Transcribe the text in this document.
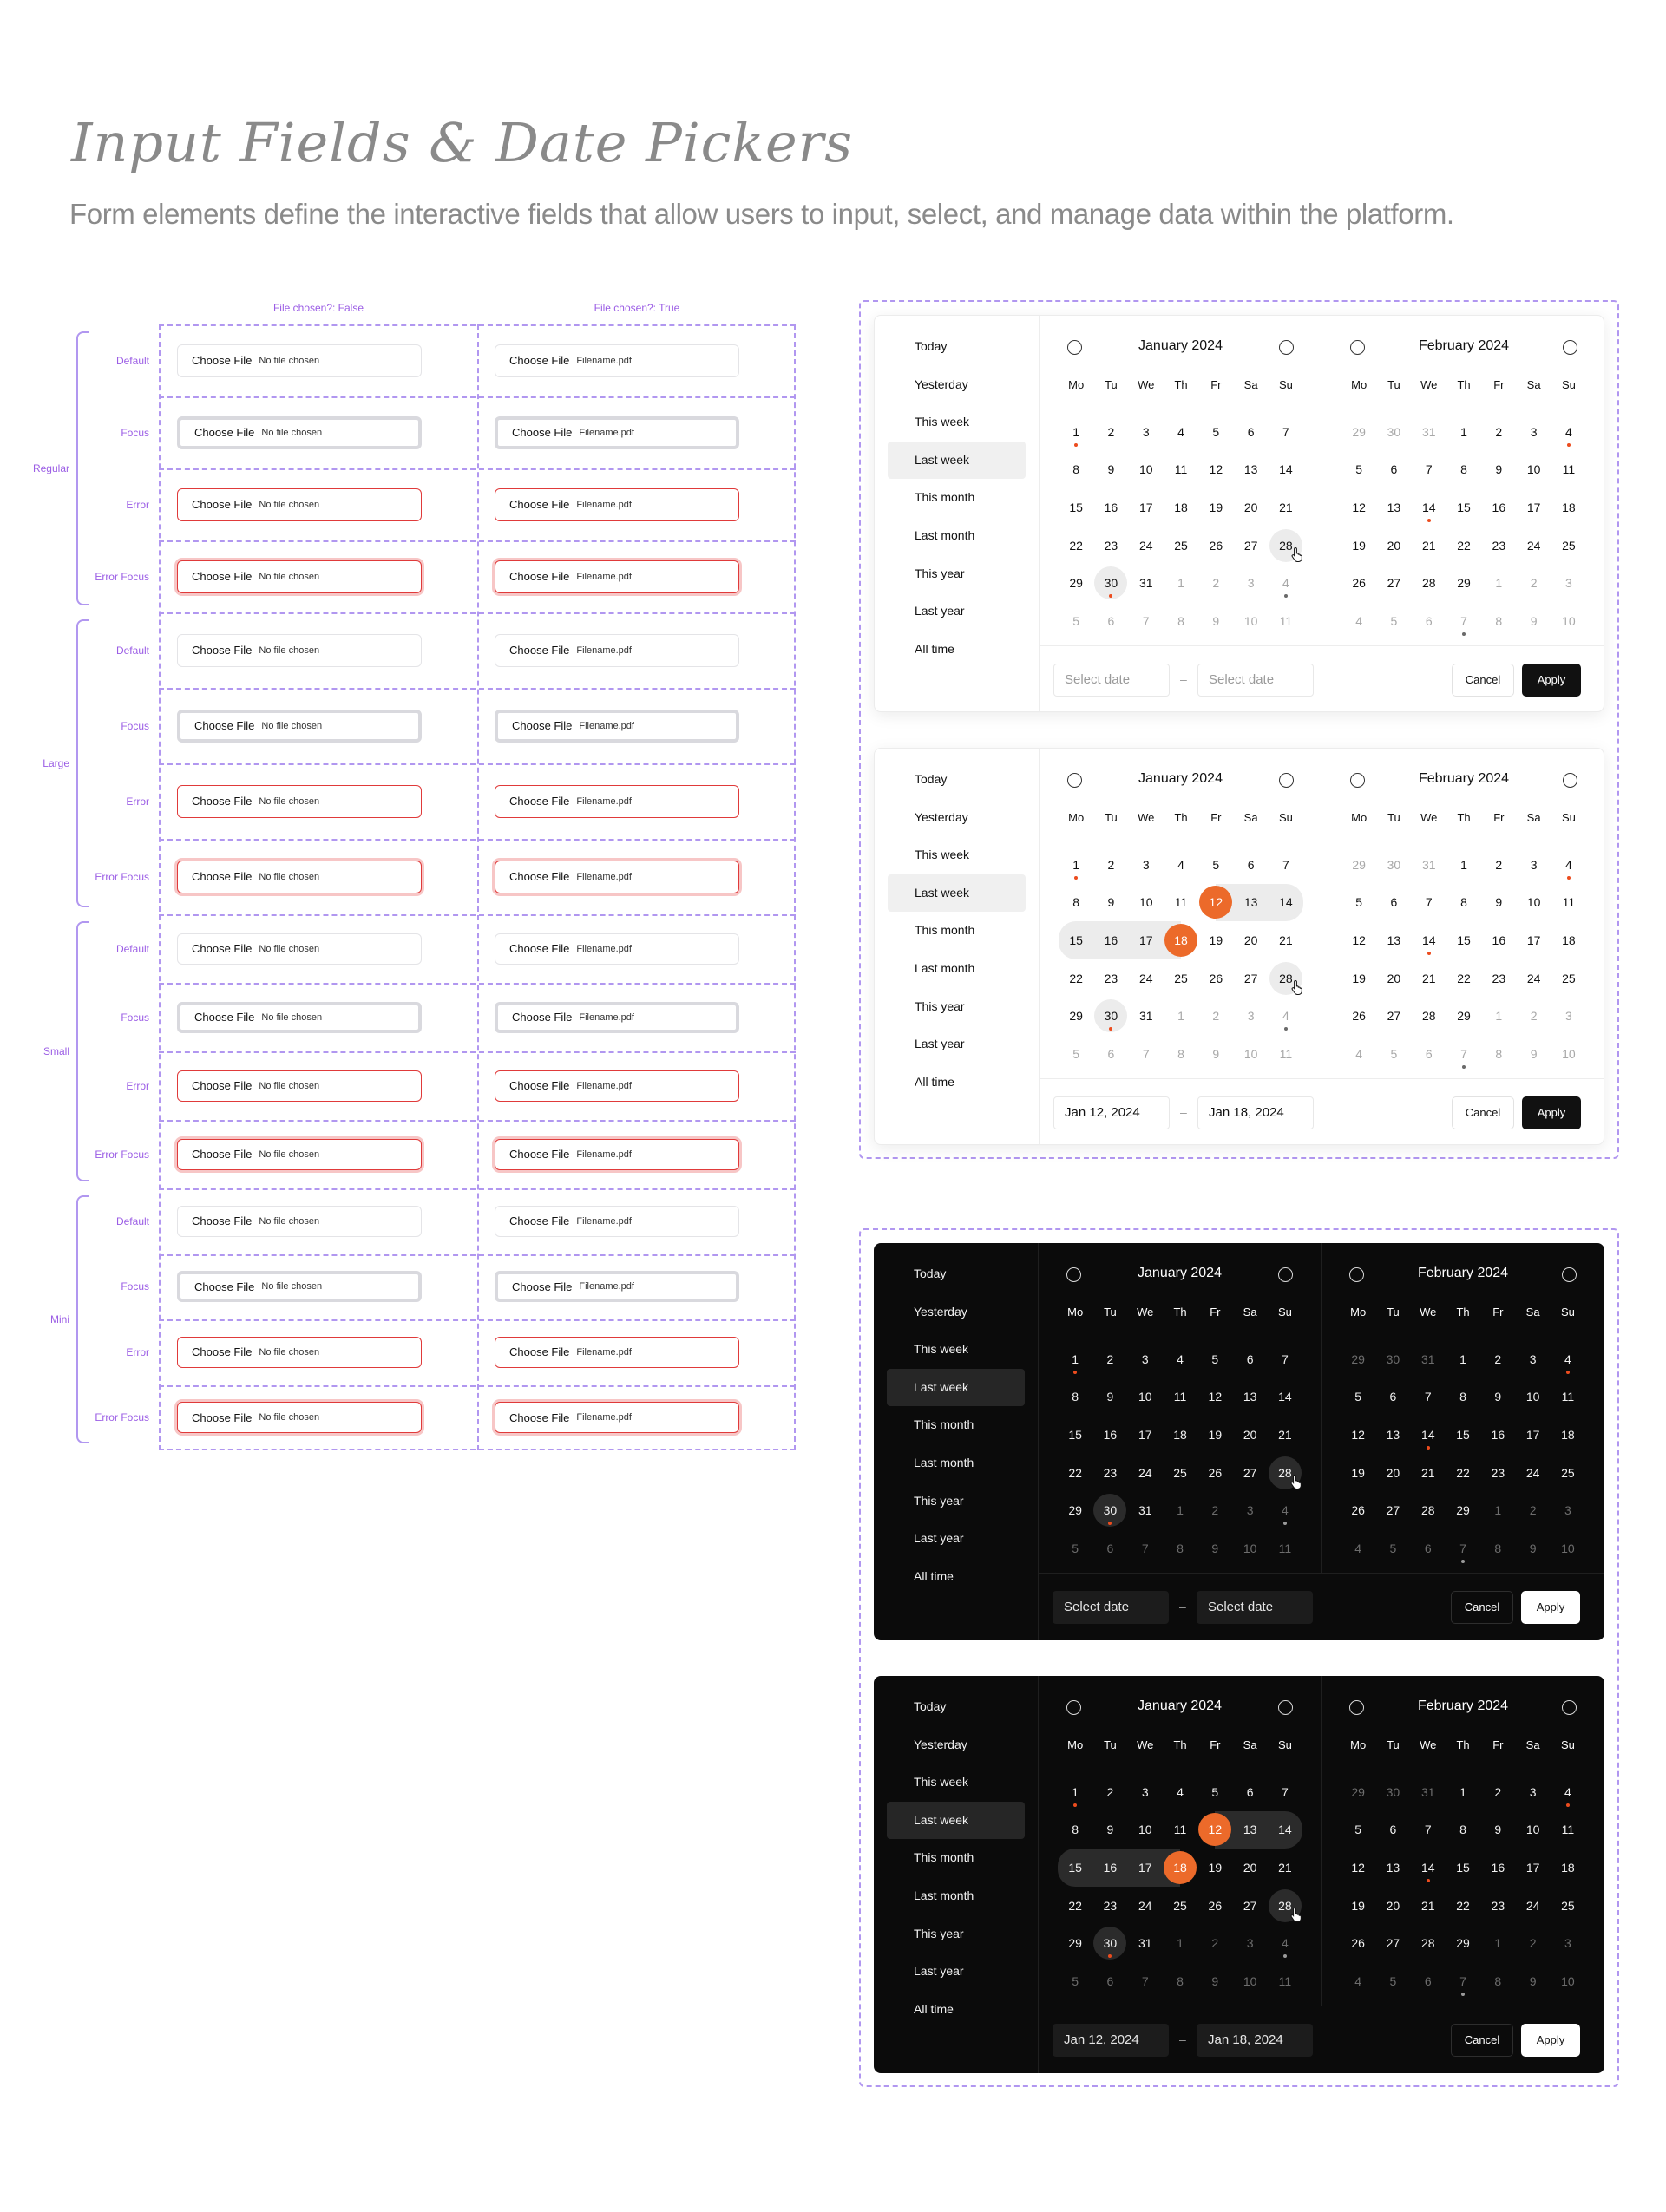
Input Fields & Date Pickers

Form elements define the interactive fields that allow users to input, select, and manage data within the platform.

File chosen?: False	File chosen?: True
Regular
Default	Choose File No file chosen	Choose File Filename.pdf
Focus	Choose File No file chosen	Choose File Filename.pdf
Error	Choose File No file chosen	Choose File Filename.pdf
Error Focus	Choose File No file chosen	Choose File Filename.pdf
Large
Default	Choose File No file chosen	Choose File Filename.pdf
Focus	Choose File No file chosen	Choose File Filename.pdf
Error	Choose File No file chosen	Choose File Filename.pdf
Error Focus	Choose File No file chosen	Choose File Filename.pdf
Small
Default	Choose File No file chosen	Choose File Filename.pdf
Focus	Choose File No file chosen	Choose File Filename.pdf
Error	Choose File No file chosen	Choose File Filename.pdf
Error Focus	Choose File No file chosen	Choose File Filename.pdf
Mini
Default	Choose File No file chosen	Choose File Filename.pdf
Focus	Choose File No file chosen	Choose File Filename.pdf
Error	Choose File No file chosen	Choose File Filename.pdf
Error Focus	Choose File No file chosen	Choose File Filename.pdf
Today
Yesterday
This week
Last week
This month
Last month
This year
Last year
All time
January 2024
Mo	Tu	We	Th	Fr	Sa	Su
1	2	3	4	5	6	7
8	9	10	11	12	13	14
15	16	17	18	19	20	21
22	23	24	25	26	27	28
29	30	31	1	2	3	4
5	6	7	8	9	10	11
February 2024
Mo	Tu	We	Th	Fr	Sa	Su
29	30	31	1	2	3	4
5	6	7	8	9	10	11
12	13	14	15	16	17	18
19	20	21	22	23	24	25
26	27	28	29	1	2	3
4	5	6	7	8	9	10
Select date	–	Select date	Cancel	Apply
Today
Yesterday
This week
Last week
This month
Last month
This year
Last year
All time
January 2024
Mo	Tu	We	Th	Fr	Sa	Su
1	2	3	4	5	6	7
8	9	10	11	12	13	14
15	16	17	18	19	20	21
22	23	24	25	26	27	28
29	30	31	1	2	3	4
5	6	7	8	9	10	11
February 2024
Mo	Tu	We	Th	Fr	Sa	Su
29	30	31	1	2	3	4
5	6	7	8	9	10	11
12	13	14	15	16	17	18
19	20	21	22	23	24	25
26	27	28	29	1	2	3
4	5	6	7	8	9	10
Jan 12, 2024	–	Jan 18, 2024	Cancel	Apply
Today
Yesterday
This week
Last week
This month
Last month
This year
Last year
All time
January 2024
Mo	Tu	We	Th	Fr	Sa	Su
1	2	3	4	5	6	7
8	9	10	11	12	13	14
15	16	17	18	19	20	21
22	23	24	25	26	27	28
29	30	31	1	2	3	4
5	6	7	8	9	10	11
February 2024
Mo	Tu	We	Th	Fr	Sa	Su
29	30	31	1	2	3	4
5	6	7	8	9	10	11
12	13	14	15	16	17	18
19	20	21	22	23	24	25
26	27	28	29	1	2	3
4	5	6	7	8	9	10
Select date	–	Select date	Cancel	Apply
Today
Yesterday
This week
Last week
This month
Last month
This year
Last year
All time
January 2024
Mo	Tu	We	Th	Fr	Sa	Su
1	2	3	4	5	6	7
8	9	10	11	12	13	14
15	16	17	18	19	20	21
22	23	24	25	26	27	28
29	30	31	1	2	3	4
5	6	7	8	9	10	11
February 2024
Mo	Tu	We	Th	Fr	Sa	Su
29	30	31	1	2	3	4
5	6	7	8	9	10	11
12	13	14	15	16	17	18
19	20	21	22	23	24	25
26	27	28	29	1	2	3
4	5	6	7	8	9	10
Jan 12, 2024	–	Jan 18, 2024	Cancel	Apply
